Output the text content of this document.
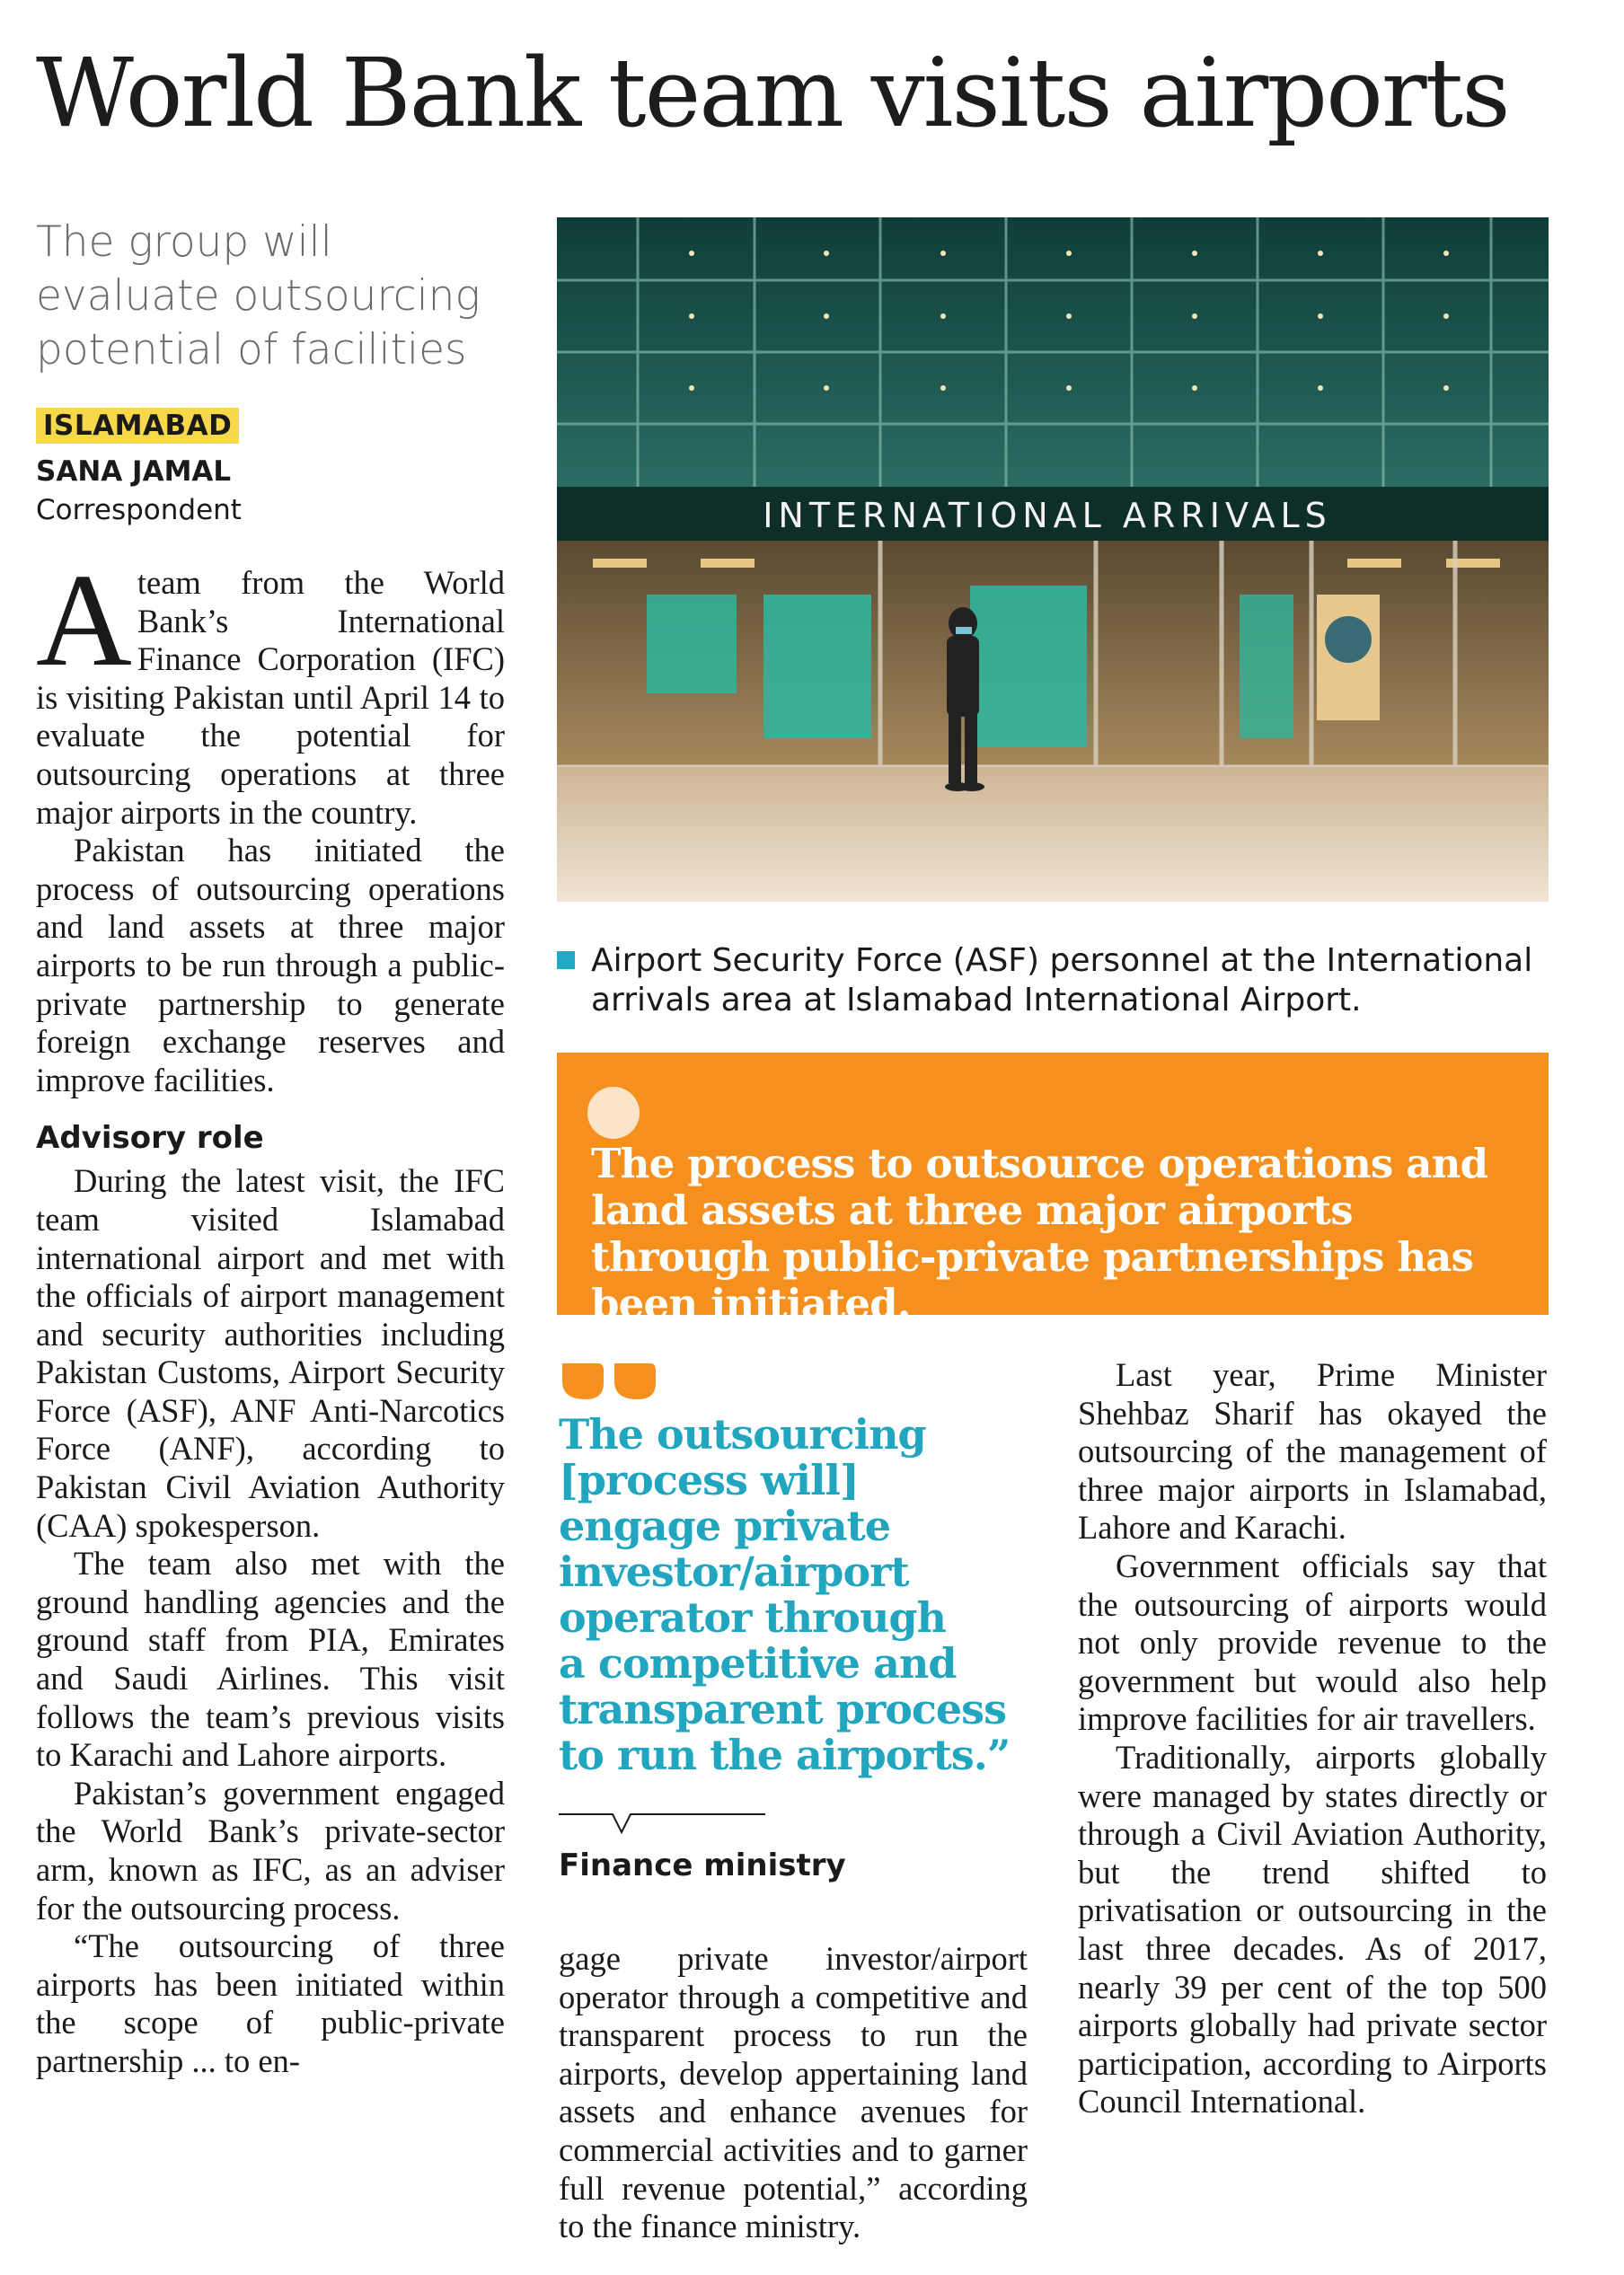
World Bank team visits airports
The group will
evaluate outsourcing
potential of facilities
ISLAMABAD
SANA JAMAL
Correspondent

Ateam from the World Bank’s International Finance Corporation (IFC) is visiting Pakistan until April 14 to evaluate the potential for outsourcing operations at three major airports in the country.

Pakistan has initiated the process of outsourcing operations and land assets at three major airports to be run through a public-private partnership to generate foreign exchange reserves and improve facilities.

Advisory role

During the latest visit, the IFC team visited Islamabad international airport and met with the officials of airport management and security authorities including Pakistan Customs, Airport Security Force (ASF), ANF Anti-Narcotics Force (ANF), according to Pakistan Civil Aviation Authority (CAA) spokesperson.

The team also met with the ground handling agencies and the ground staff from PIA, Emirates and Saudi Airlines. This visit follows the team’s previous visits to Karachi and Lahore airports.

Pakistan’s government engaged the World Bank’s private-sector arm, known as IFC, as an adviser for the outsourcing process.

“The outsourcing of three airports has been initiated within the scope of public-private partnership ... to en-

INTERNATIONAL ARRIVALS
Airport Security Force (ASF) personnel at the International
arrivals area at Islamabad International Airport.
The process to outsource operations and land assets at three major airports through public-private partnerships has been initiated.
The outsourcing
[process will]
engage private
investor/airport
operator through
a competitive and
transparent process
to run the airports.”
Finance ministry

gage private investor/airport operator through a competitive and transparent process to run the airports, develop appertaining land assets and enhance avenues for commercial activities and to garner full revenue potential,” according to the finance ministry.

Last year, Prime Minister Shehbaz Sharif has okayed the outsourcing of the management of three major airports in Islamabad, Lahore and Karachi.

Government officials say that the outsourcing of airports would not only provide revenue to the government but would also help improve facilities for air travellers.

Traditionally, airports globally were managed by states directly or through a Civil Aviation Authority, but the trend shifted to privatisation or outsourcing in the last three decades. As of 2017, nearly 39 per cent of the top 500 airports globally had private sector participation, according to Airports Council International.
